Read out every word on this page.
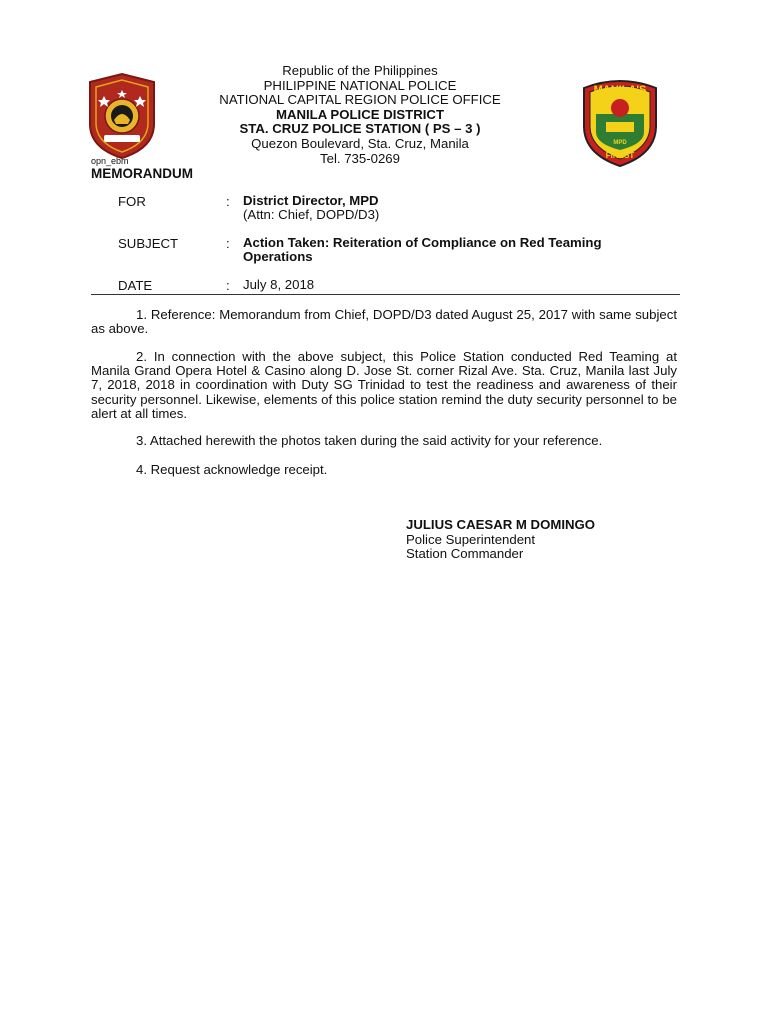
Republic of the Philippines
PHILIPPINE NATIONAL POLICE
NATIONAL CAPITAL REGION POLICE OFFICE
MANILA POLICE DISTRICT
STA. CRUZ POLICE STATION ( PS – 3 )
Quezon Boulevard, Sta. Cruz, Manila
Tel. 735-0269
MANILA'S
MPD
FINEST
opn_ebm
MEMORANDUM
FOR	: District Director, MPD
(Attn: Chief, DOPD/D3)
SUBJECT	: Action Taken: Reiteration of Compliance on Red Teaming
Operations
DATE	: July 8, 2018
1. Reference: Memorandum from Chief, DOPD/D3 dated August 25, 2017 with same subject as above.
2. In connection with the above subject, this Police Station conducted Red Teaming at Manila Grand Opera Hotel & Casino along D. Jose St. corner Rizal Ave. Sta. Cruz, Manila last July 7, 2018, 2018 in coordination with Duty SG Trinidad to test the readiness and awareness of their security personnel. Likewise, elements of this police station remind the duty security personnel to be alert at all times.
3. Attached herewith the photos taken during the said activity for your reference.
4. Request acknowledge receipt.
JULIUS CAESAR M DOMINGO
Police Superintendent
Station Commander
